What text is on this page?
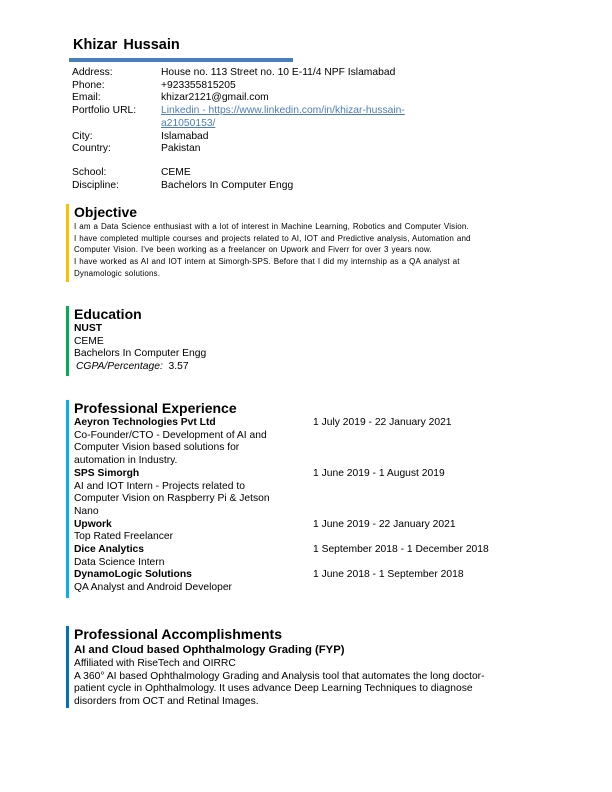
Khizar Hussain
Address:	House no. 113 Street no. 10 E-11/4 NPF Islamabad
Phone:	+923355815205
Email:	khizar2121@gmail.com
Portfolio URL:	Linkedin - https://www.linkedin.com/in/khizar-hussain-
a21050153/
City:	Islamabad
Country:	Pakistan
School:	CEME
Discipline:	Bachelors In Computer Engg
Objective

I am a Data Science enthusiast with a lot of interest in Machine Learning, Robotics and Computer Vision.

I have completed multiple courses and projects related to AI, IOT and Predictive analysis, Automation and

Computer Vision. I've been working as a freelancer on Upwork and Fiverr for over 3 years now.

I have worked as AI and IOT intern at Simorgh-SPS. Before that I did my internship as a QA analyst at

Dynamologic solutions.

Education
NUST
CEME
Bachelors In Computer Engg
CGPA/Percentage: 3.57
Professional Experience
Aeyron Technologies Pvt Ltd
Co-Founder/CTO - Development of AI and
Computer Vision based solutions for
automation in Industry.
1 July 2019 - 22 January 2021
SPS Simorgh
AI and IOT Intern - Projects related to
Computer Vision on Raspberry Pi & Jetson
Nano
1 June 2019 - 1 August 2019
Upwork
Top Rated Freelancer
1 June 2019 - 22 January 2021
Dice Analytics
Data Science Intern
1 September 2018 - 1 December 2018
DynamoLogic Solutions
QA Analyst and Android Developer
1 June 2018 - 1 September 2018
Professional Accomplishments
AI and Cloud based Ophthalmology Grading (FYP)
Affiliated with RiseTech and OIRRC
A 360° AI based Ophthalmology Grading and Analysis tool that automates the long doctor-
patient cycle in Ophthalmology. It uses advance Deep Learning Techniques to diagnose
disorders from OCT and Retinal Images.
